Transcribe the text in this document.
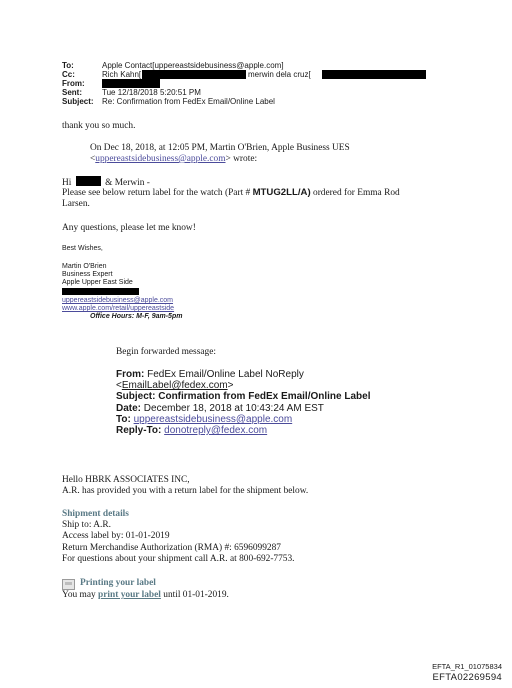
To:	Apple Contact[uppereastsidebusiness@apple.com]
Cc:	Rich Kahn[	merwin dela cruz[
From:
Sent:	Tue 12/18/2018 5:20:51 PM
Subject: Re: Confirmation from FedEx Email/Online Label
thank you so much.
On Dec 18, 2018, at 12:05 PM, Martin O'Brien, Apple Business UES
<uppereastsidebusiness@apple.com> wrote:
Hi	& Merwin -
Please see below return label for the watch (Part # MTUG2LL/A) ordered for Emma Rod
Larsen.
Any questions, please let me know!
Best Wishes,
Martin O'Brien
Business Expert
Apple Upper East Side
uppereastsidebusiness@apple.com
www.apple.com/retail/uppereastside
Office Hours: M-F, 9am-5pm
Begin forwarded message:
From: FedEx Email/Online Label NoReply
<EmailLabel@fedex.com>
Subject: Confirmation from FedEx Email/Online Label
Date: December 18, 2018 at 10:43:24 AM EST
To: uppereastsidebusiness@apple.com
Reply-To: donotreply@fedex.com
Hello HBRK ASSOCIATES INC,
A.R. has provided you with a return label for the shipment below.
Shipment details
Ship to: A.R.
Access label by: 01-01-2019
Return Merchandise Authorization (RMA) #: 6596099287
For questions about your shipment call A.R. at 800-692-7753.
Printing your label
You may print your label until 01-01-2019.
EFTA_R1_01075834
EFTA02269594
